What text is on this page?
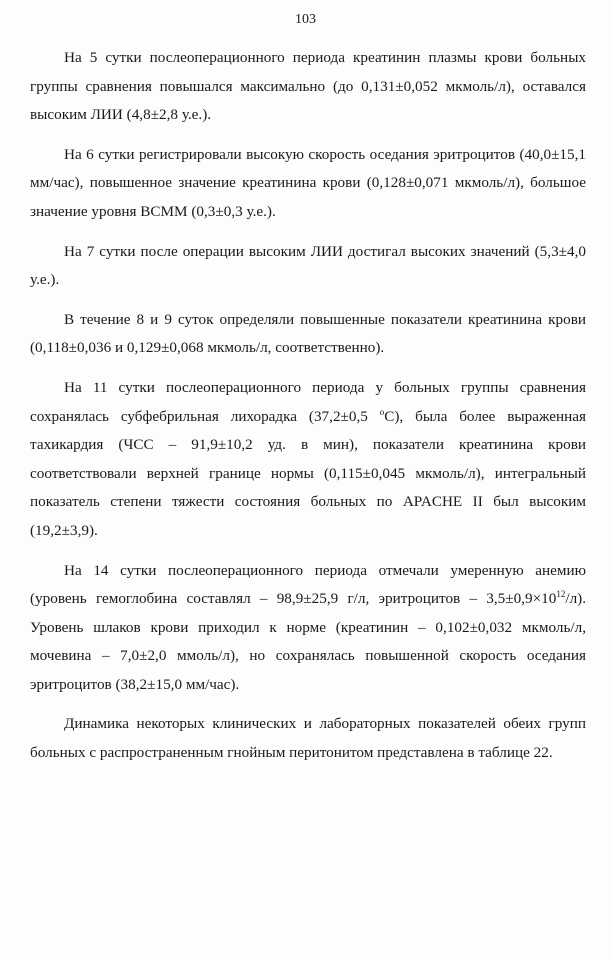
103

На 5 сутки послеоперационного периода креатинин плазмы крови больных группы сравнения повышался максимально (до 0,131±0,052 мкмоль/л), оставался высоким ЛИИ (4,8±2,8 у.е.).

На 6 сутки регистрировали высокую скорость оседания эритроцитов (40,0±15,1 мм/час), повышенное значение креатинина крови (0,128±0,071 мкмоль/л), большое значение уровня ВСММ (0,3±0,3 у.е.).

На 7 сутки после операции высоким ЛИИ достигал высоких значений (5,3±4,0 у.е.).

В течение 8 и 9 суток определяли повышенные показатели креатинина крови (0,118±0,036 и 0,129±0,068 мкмоль/л, соответственно).

На 11 сутки послеоперационного периода у больных группы сравнения сохранялась субфебрильная лихорадка (37,2±0,5 $^о$С), была более выраженная тахикардия (ЧСС – 91,9±10,2 уд. в мин), показатели креатинина крови соответствовали верхней границе нормы (0,115±0,045 мкмоль/л), интегральный показатель степени тяжести состояния больных по APACHE II был высоким (19,2±3,9).

На 14 сутки послеоперационного периода отмечали умеренную анемию (уровень гемоглобина составлял – 98,9±25,9 г/л, эритроцитов – $3,5\pm 0,9\times 10^{12}/л$). Уровень шлаков крови приходил к норме (креатинин – 0,102±0,032 мкмоль/л, мочевина – 7,0±2,0 ммоль/л), но сохранялась повышенной скорость оседания эритроцитов (38,2±15,0 мм/час).

Динамика некоторых клинических и лабораторных показателей обеих групп больных с распространенным гнойным перитонитом представлена в таблице 22.
